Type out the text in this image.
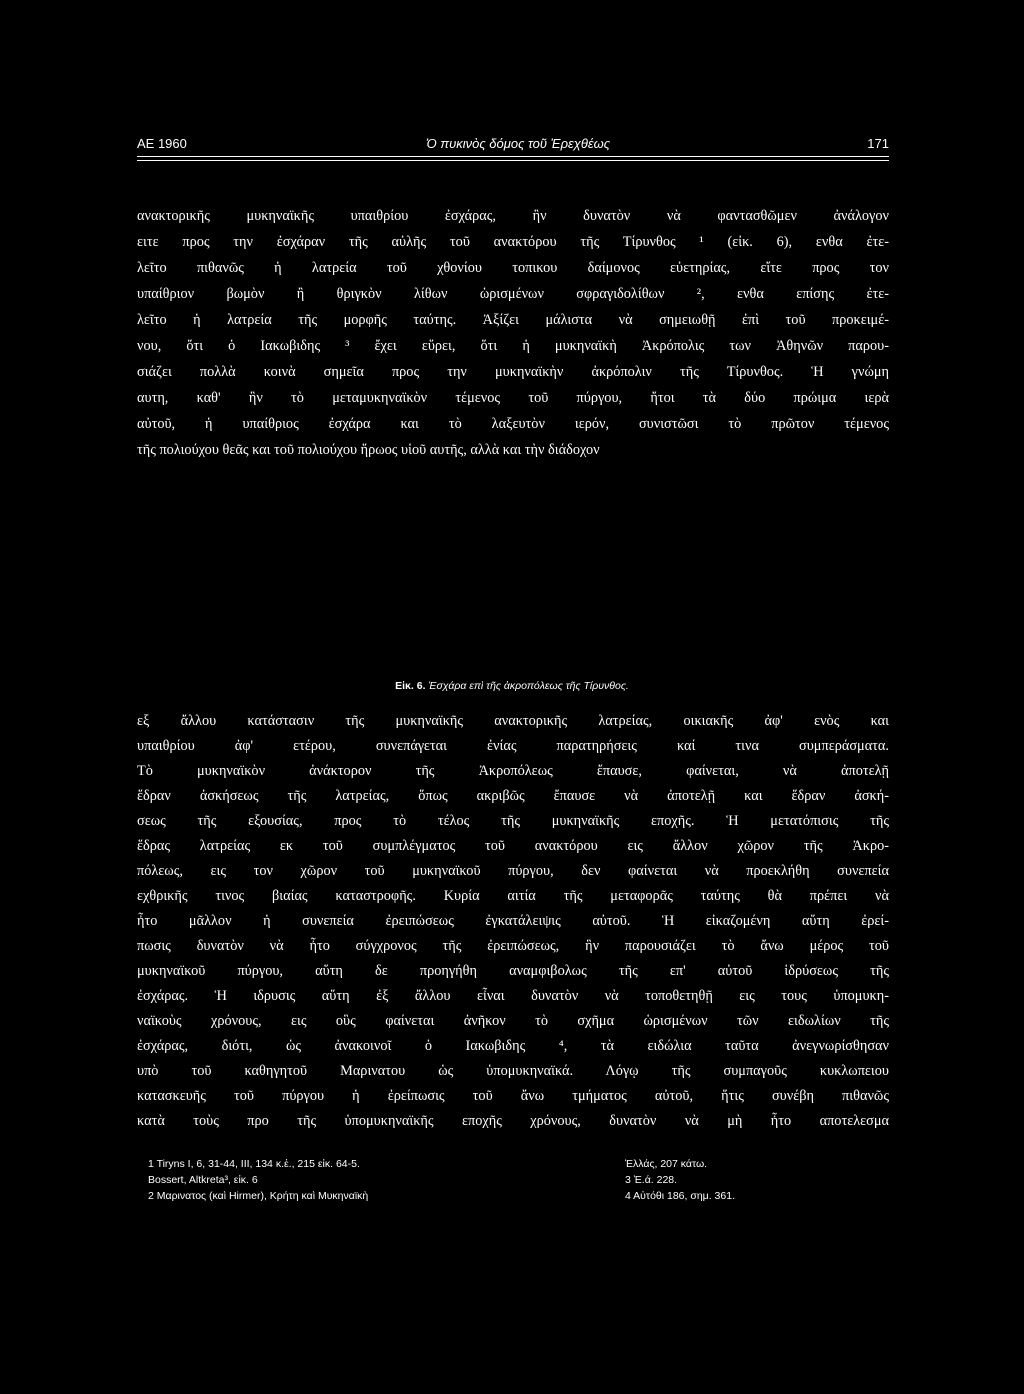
ΑΕ 1960	Ὁ πυκινὸς δόμος τοῦ Ἐρεχθέως	171
ανακτορικῆς μυκηναϊκῆς υπαιθρίου ἐσχάρας, ἣν δυνατὸν νὰ φαντασθῶμεν ἀνάλογον
ειτε προς την ἐσχάραν τῆς αὐλῆς τοῦ ανακτόρου τῆς Τίρυνθος ¹ (εἰκ. 6), ενθα ἐτε-
λεῖτο πιθανῶς ἡ λατρεία τοῦ χθονίου τοπικου δαίμονος εὐετηρίας, εἴτε προς τον
υπαίθριον βωμὸν ἢ θριγκὸν λίθων ὡρισμένων σφραγιδολίθων ², ενθα επίσης ἐτε-
λεῖτο ἡ λατρεία τῆς μορφῆς ταύτης. Ἀξίζει μάλιστα νὰ σημειωθῇ ἐπὶ τοῦ προκειμέ-
νου, ὅτι ὁ Ιακωβιδης ³ ἔχει εὕρει, ὅτι ἡ μυκηναϊκὴ Ἀκρόπολις των Ἀθηνῶν παρου-
σιάζει πολλὰ κοινὰ σημεῖα προς την μυκηναϊκὴν ἀκρόπολιν τῆς Τίρυνθος. Ἡ γνώμη
αυτη, καθ' ἣν τὸ μεταμυκηναϊκὸν τέμενος τοῦ πύργου, ἤτοι τὰ δύο πρώιμα ιερὰ
αὐτοῦ, ἡ υπαίθριος ἐσχάρα και τὸ λαξευτὸν ιερόν, συνιστῶσι τὸ πρῶτον τέμενος
τῆς πολιούχου θεᾶς και τοῦ πολιούχου ἥρωος υἱοῦ αυτῆς, αλλὰ και τὴν διάδοχον
Εἰκ. 6. Ἐσχάρα επὶ τῆς ἀκροπόλεως τῆς Τίρυνθος.
εξ ἄλλου κατάστασιν τῆς μυκηναϊκῆς ανακτορικῆς λατρείας, οικιακῆς ἀφ' ενὸς και
υπαιθρίου ἀφ' ετέρου, συνεπάγεται ἐνίας παρατηρήσεις καί τινα συμπεράσματα.
Τὸ μυκηναϊκὸν ἀνάκτορον τῆς Ἀκροπόλεως ἔπαυσε, φαίνεται, νὰ ἀποτελῇ
ἕδραν ἀσκήσεως τῆς λατρείας, ὅπως ακριβῶς ἔπαυσε νὰ ἀποτελῇ και ἕδραν ἀσκή-
σεως τῆς εξουσίας, προς τὸ τέλος τῆς μυκηναϊκῆς εποχῆς. Ἡ μετατόπισις τῆς
ἕδρας λατρείας εκ τοῦ συμπλέγματος τοῦ ανακτόρου εις ἄλλον χῶρον τῆς Ἀκρο-
πόλεως, εις τον χῶρον τοῦ μυκηναϊκοῦ πύργου, δεν φαίνεται νὰ προεκλήθη συνεπεία
εχθρικῆς τινος βιαίας καταστροφῆς. Κυρία αιτία τῆς μεταφορᾶς ταύτης θὰ πρέπει νὰ
ἦτο μᾶλλον ἡ συνεπεία ἐρειπώσεως ἐγκατάλειψις αὐτοῦ. Ἡ εἰκαζομένη αὕτη ἐρεί-
πωσις δυνατὸν νὰ ἦτο σύγχρονος τῆς ἐρειπώσεως, ἣν παρουσιάζει τὸ ἄνω μέρος τοῦ
μυκηναϊκοῦ πύργου, αὕτη δε προηγήθη αναμφιβολως τῆς επ' αὐτοῦ ἱδρύσεως τῆς
ἐσχάρας. Ἡ ιδρυσις αὕτη ἐξ ἄλλου εἶναι δυνατὸν νὰ τοποθετηθῇ εις τους ὑπομυκη-
ναϊκοὺς χρόνους, εις οὓς φαίνεται ἀνῆκον τὸ σχῆμα ὡρισμένων τῶν ειδωλίων τῆς
ἐσχάρας, διότι, ὡς ἀνακοινοῖ ὁ Ιακωβιδης ⁴, τὰ ειδώλια ταῦτα ἀνεγνωρίσθησαν
υπὸ τοῦ καθηγητοῦ Μαρινατου ὡς ὑπομυκηναϊκά. Λόγῳ τῆς συμπαγοῦς κυκλωπειου
κατασκευῆς τοῦ πύργου ἡ ἐρείπωσις τοῦ ἄνω τμήματος αὐτοῦ, ἥτις συνέβη πιθανῶς
κατὰ τοὺς προ τῆς ὑπομυκηναϊκῆς εποχῆς χρόνους, δυνατὸν νὰ μὴ ἦτο αποτελεσμα
1 Tiryns I, 6, 31-44, III, 134 κ.ἑ., 215 εἰκ. 64-5.
Bossert, Altkreta³, εἰκ. 6
2 Μαρινατος (καὶ Hirmer), Κρήτη καὶ Μυκηναϊκὴ
Ἑλλάς, 207 κάτω.
3 Ἐ.ά. 228.
4 Αὐτόθι 186, σημ. 361.
